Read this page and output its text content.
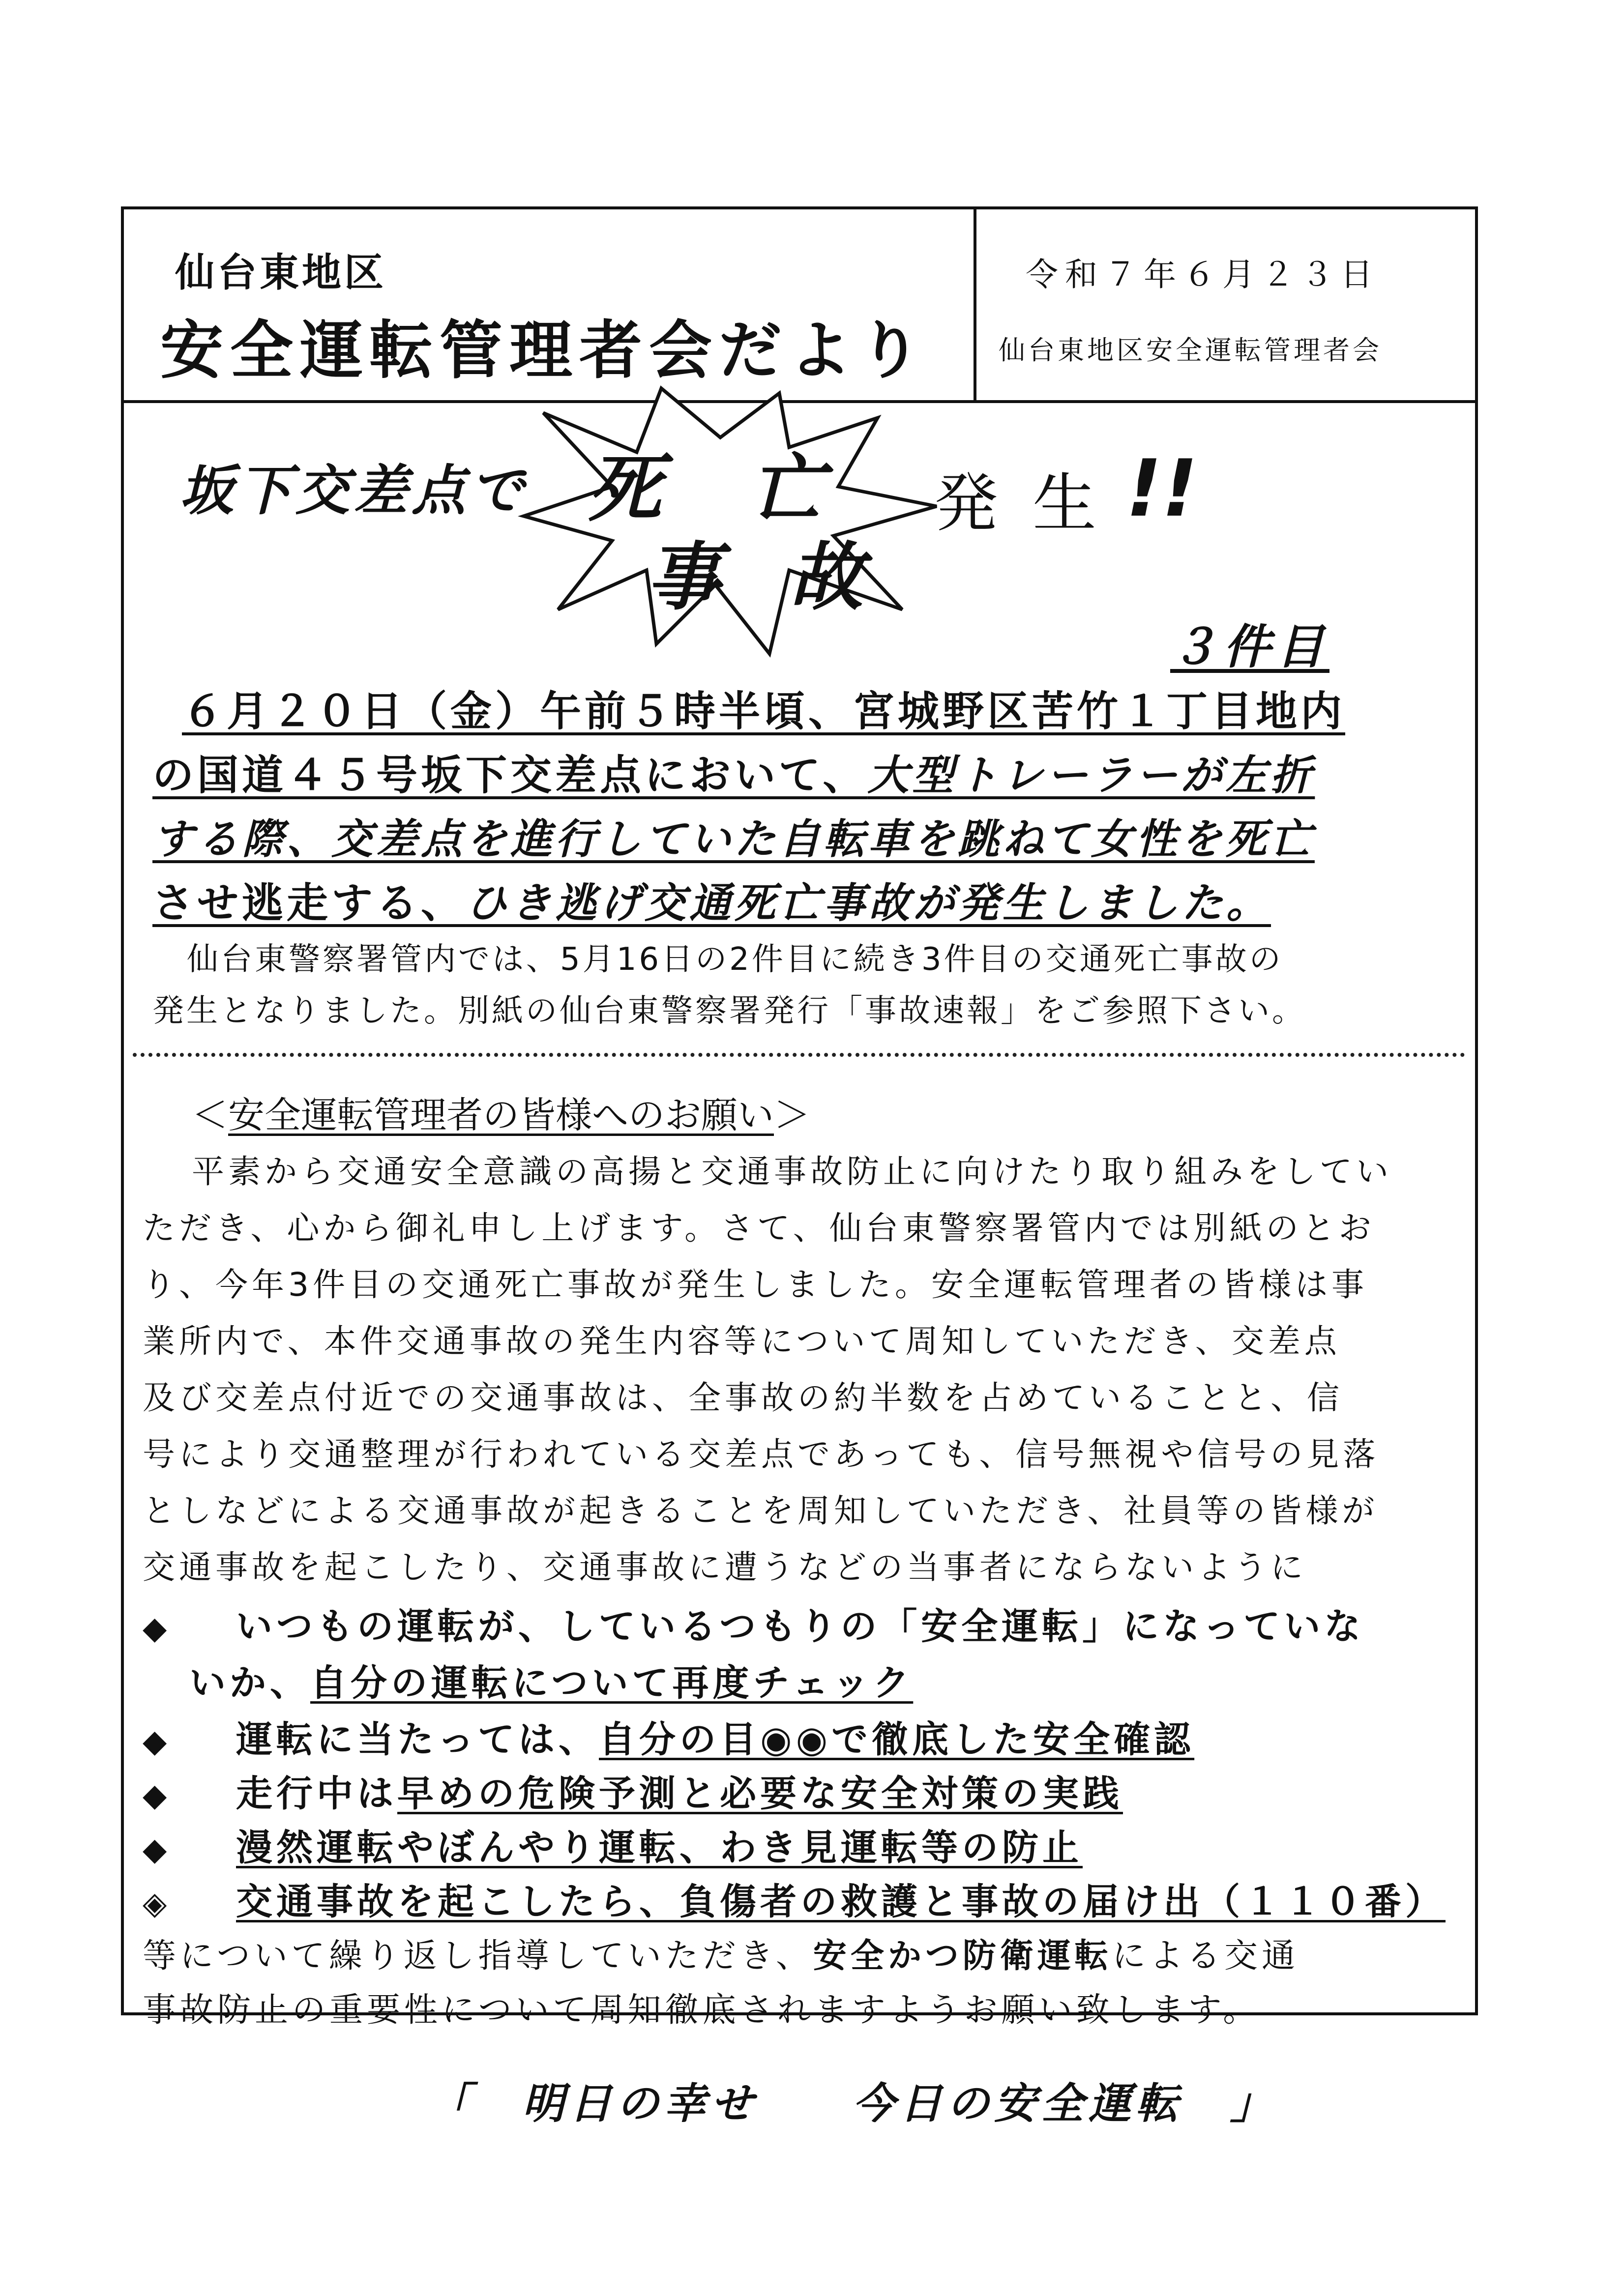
仙台東地区
安全運転管理者会だより
令和７年６月２３日
仙台東地区安全運転管理者会
坂下交差点で 死 亡
事 故
発生
!!
３件目
６月２０日（金）午前５時半頃、宮城野区苦竹１丁目地内
の国道４５号坂下交差点において、大型トレーラーが左折
する際、交差点を進行していた自転車を跳ねて女性を死亡
させ逃走する、ひき逃げ交通死亡事故が発生しました。
仙台東警察署管内では、5月16日の2件目に続き3件目の交通死亡事故の
発生となりました。別紙の仙台東警察署発行「事故速報」をご参照下さい。
＜安全運転管理者の皆様へのお願い＞
平素から交通安全意識の高揚と交通事故防止に向けたり取り組みをしてい
ただき、心から御礼申し上げます。さて、仙台東警察署管内では別紙のとお
り、今年3件目の交通死亡事故が発生しました。安全運転管理者の皆様は事
業所内で、本件交通事故の発生内容等について周知していただき、交差点
及び交差点付近での交通事故は、全事故の約半数を占めていることと、信
号により交通整理が行われている交差点であっても、信号無視や信号の見落
としなどによる交通事故が起きることを周知していただき、社員等の皆様が
交通事故を起こしたり、交通事故に遭うなどの当事者にならないように
◆ いつもの運転が、しているつもりの「安全運転」になっていな
いか、自分の運転について再度チェック
◆ 運転に当たっては、自分の目◉◉で徹底した安全確認
◆ 走行中は早めの危険予測と必要な安全対策の実践
◆ 漫然運転やぼんやり運転、わき見運転等の防止
◈ 交通事故を起こしたら、負傷者の救護と事故の届け出（１１０番）
等について繰り返し指導していただき、安全かつ防衛運転による交通
事故防止の重要性について周知徹底されますようお願い致します。
「　明日の幸せ　　今日の安全運転　」
